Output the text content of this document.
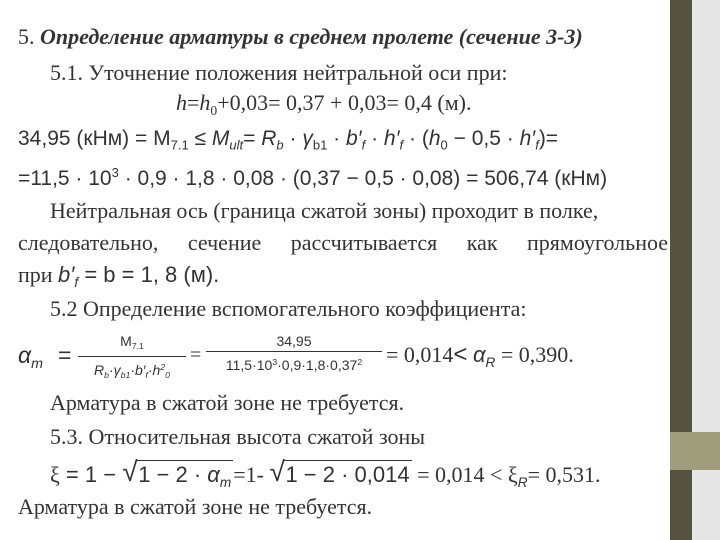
5. Определение арматуры в среднем пролете (сечение 3-3)
5.1. Уточнение положения нейтральной оси при:
$h=h_0+0,03= 0,37 + 0,03= 0,4$ (м).
34,95 $(кНм) = M_{7.1} \le M_{ult}= R_b \cdot \gamma_{b1} \cdot b'_f \cdot h'_f \cdot (h_0 - 0,5 \cdot h'_f)=$
$=11,5 \cdot 10^3 \cdot 0,9 \cdot 1,8 \cdot 0,08 \cdot (0,37 - 0,5 \cdot 0,08) = 506,74$ (кНм)
Нейтральная ось (граница сжатой зоны) проходит в полке,
следовательно, сечение рассчитывается как прямоугольное
при $b'_f = b = 1$, 8 (м).
5.2 Определение вспомогательного коэффициента:
$\alpha_m$ =
$M_{7.1}$
$R_b\cdot\gamma_{b1}\cdot b'_f\cdot h^2_0$
=
34,95
$11,5\cdot 10^3\cdot 0,9\cdot 1,8\cdot 0,37^2$	= $0,014< \alpha_R = 0,390$.
Арматура в сжатой зоне не требуется.
5.3. Относительная высота сжатой зоны
ξ = 1 − √ $1 - 2 \cdot \alpha_m=1-$ √ $1 - 2 \cdot 0,014 = 0,014 < \xi_R= 0,531$.
Арматура в сжатой зоне не требуется.
